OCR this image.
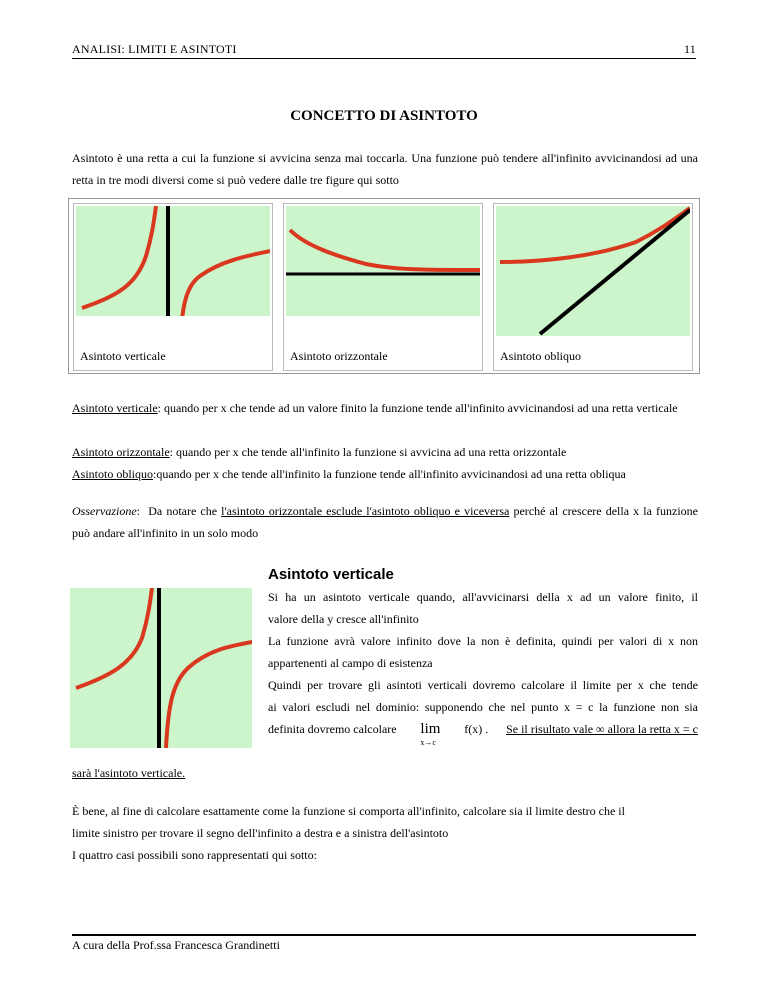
ANALISI: LIMITI E ASINTOTI	11
CONCETTO DI ASINTOTO
Asintoto è una retta a cui la funzione si avvicina senza mai toccarla. Una funzione può tendere all'infinito avvicinandosi ad una retta in tre modi diversi come si può vedere dalle tre figure qui sotto
Asintoto verticale	Asintoto orizzontale	Asintoto obliquo
Asintoto verticale: quando per x che tende ad un valore finito la funzione tende all'infinito avvicinandosi ad una retta verticale
Asintoto orizzontale: quando per x che tende all'infinito la funzione si avvicina ad una retta orizzontale
Asintoto obliquo:quando per x che tende all'infinito la funzione tende all'infinito avvicinandosi ad una retta obliqua
Osservazione:  Da notare che l'asintoto orizzontale esclude l'asintoto obliquo e viceversa perché al crescere della x la funzione può andare all'infinito in un solo modo
Asintoto verticale
Si ha un asintoto verticale quando, all'avvicinarsi della x ad un valore finito, il
valore della y cresce all'infinito
La funzione avrà valore infinito dove la non è definita, quindi per valori di x non
appartenenti al campo di esistenza
Quindi per trovare gli asintoti verticali dovremo calcolare il limite per x che tende
ai valori escludi nel dominio: supponendo che nel punto x = c la funzione non sia
definita dovremo calcolare lim
x→c
f(x) . Se il risultato vale ∞ allora la retta x = c
sarà l'asintoto verticale.
È bene, al fine di calcolare esattamente come la funzione si comporta all'infinito, calcolare sia il limite destro che il
limite sinistro per trovare il segno dell'infinito a destra e a sinistra dell'asintoto
I quattro casi possibili sono rappresentati qui sotto:
A cura della Prof.ssa Francesca Grandinetti
